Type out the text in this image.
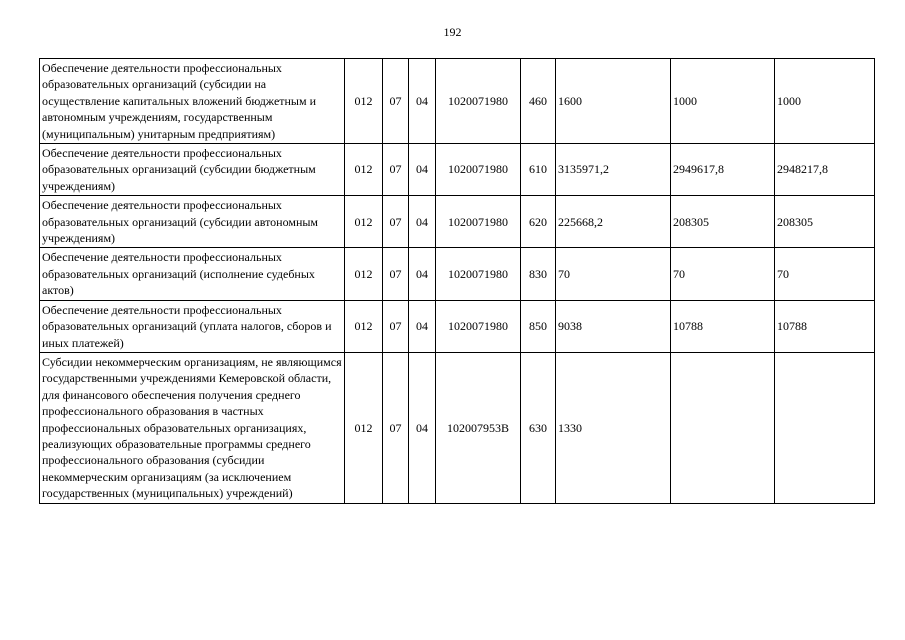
192
Обеспечение деятельности профессиональных образовательных организаций (субсидии на осуществление капитальных вложений бюджетным и автономным учреждениям, государственным (муниципальным) унитарным предприятиям)	012	07	04	1020071980	460	1600	1000	1000
Обеспечение деятельности профессиональных образовательных организаций (субсидии бюджетным учреждениям)	012	07	04	1020071980	610	3135971,2	2949617,8	2948217,8
Обеспечение деятельности профессиональных образовательных организаций (субсидии автономным учреждениям)	012	07	04	1020071980	620	225668,2	208305	208305
Обеспечение деятельности профессиональных образовательных организаций (исполнение судебных актов)	012	07	04	1020071980	830	70	70	70
Обеспечение деятельности профессиональных образовательных организаций (уплата налогов, сборов и иных платежей)	012	07	04	1020071980	850	9038	10788	10788
Субсидии некоммерческим организациям, не являющимся государственными учреждениями Кемеровской области, для финансового обеспечения получения среднего профессионального образования в частных профессиональных образовательных организациях, реализующих образовательные программы среднего профессионального образования (субсидии некоммерческим организациям (за исключением государственных (муниципальных) учреждений)	012	07	04	102007953В	630	1330		
